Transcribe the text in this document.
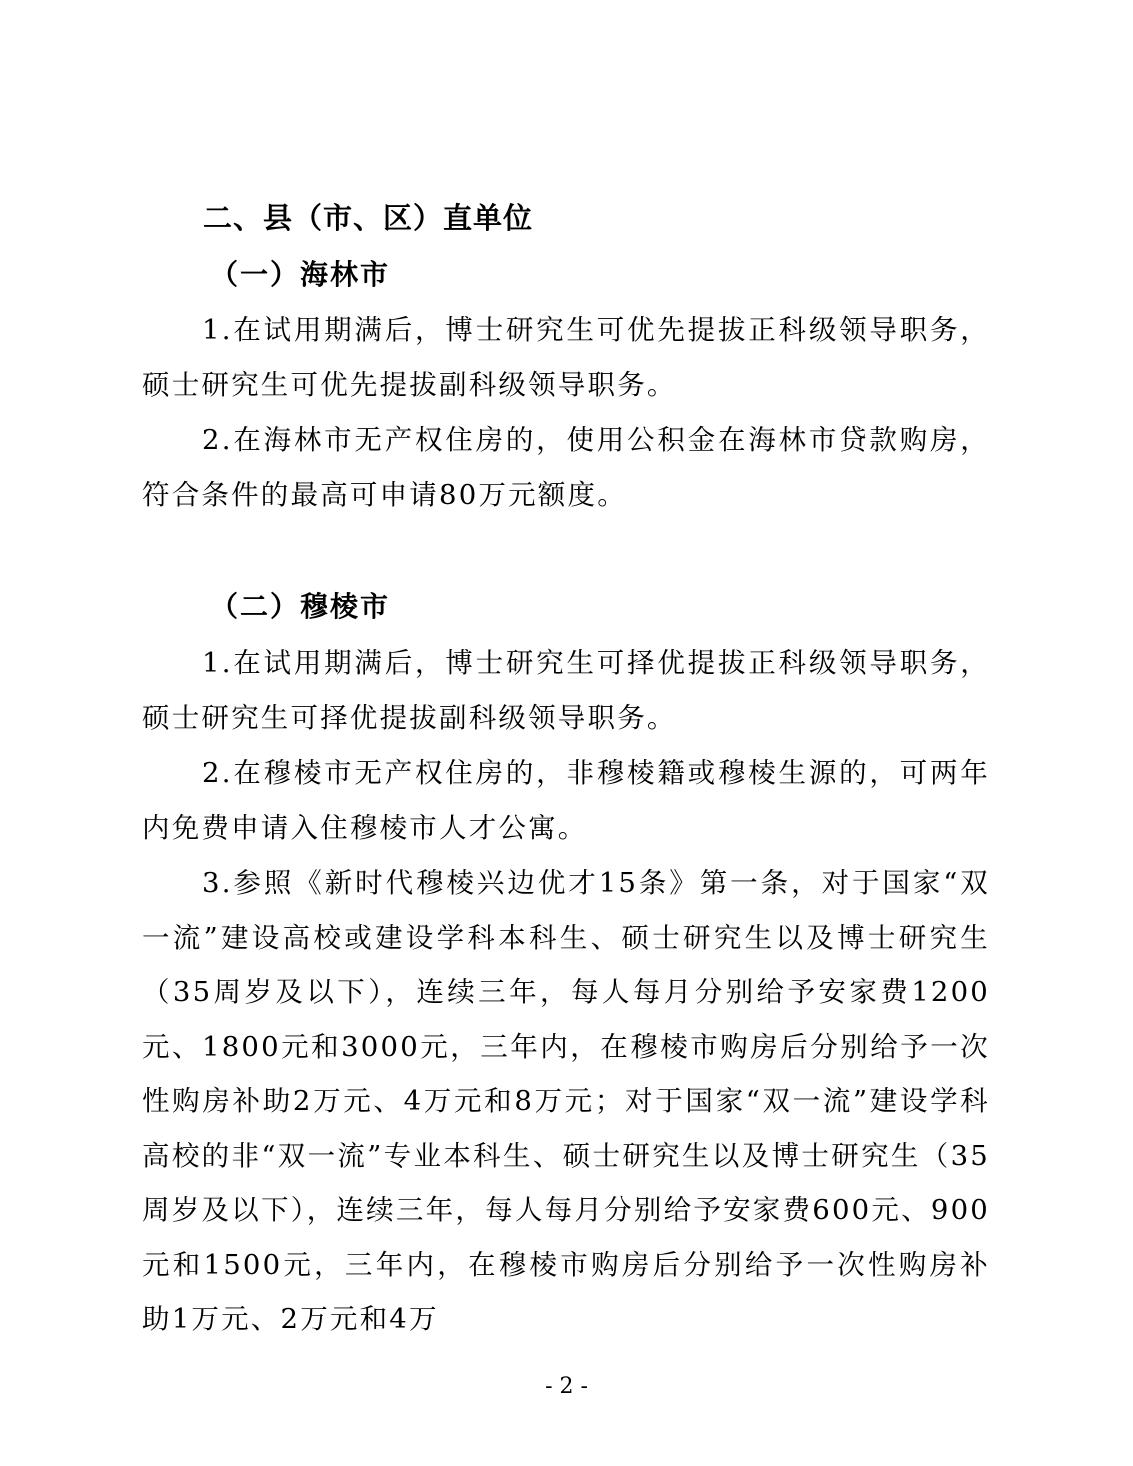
二、县（市、区）直单位
（一）海林市

1.在试用期满后，博士研究生可优先提拔正科级领导职务，硕士研究生可优先提拔副科级领导职务。

2.在海林市无产权住房的，使用公积金在海林市贷款购房，符合条件的最高可申请80万元额度。

（二）穆棱市

1.在试用期满后，博士研究生可择优提拔正科级领导职务，硕士研究生可择优提拔副科级领导职务。

2.在穆棱市无产权住房的，非穆棱籍或穆棱生源的，可两年内免费申请入住穆棱市人才公寓。

3.参照《新时代穆棱兴边优才15条》第一条，对于国家“双一流”建设高校或建设学科本科生、硕士研究生以及博士研究生（35周岁及以下），连续三年，每人每月分别给予安家费1200元、1800元和3000元，三年内，在穆棱市购房后分别给予一次性购房补助2万元、4万元和8万元；对于国家“双一流”建设学科高校的非“双一流”专业本科生、硕士研究生以及博士研究生（35周岁及以下），连续三年，每人每月分别给予安家费600元、900元和1500元，三年内，在穆棱市购房后分别给予一次性购房补助1万元、2万元和4万

- 2 -
